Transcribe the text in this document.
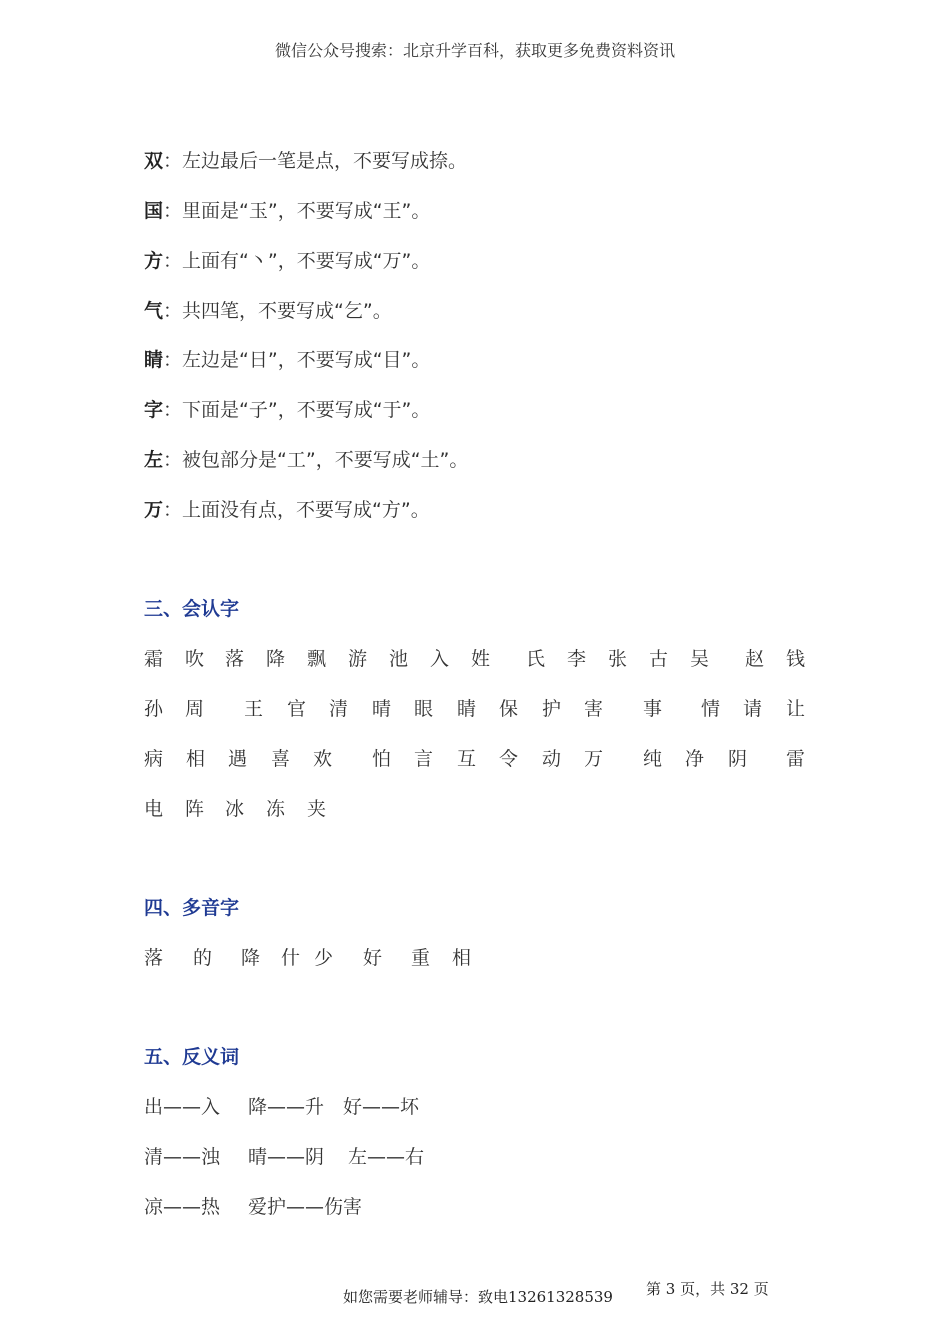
微信公众号搜索：北京升学百科，获取更多免费资料资讯
双：左边最后一笔是点，不要写成捺。
国：里面是“玉”，不要写成“王”。
方：上面有“丶”，不要写成“万”。
气：共四笔，不要写成“乞”。
睛：左边是“日”，不要写成“目”。
字：下面是“子”，不要写成“于”。
左：被包部分是“工”，不要写成“土”。
万：上面没有点，不要写成“方”。
三、会认字
霜 吹 落 降 飘 游 池 入 姓 氏 李 张 古 吴 赵 钱
孙 周 王 官 清 晴 眼 睛 保 护 害 事 情 请 让
病 相 遇 喜 欢 怕 言 互 令 动 万 纯 净 阴 雷
电 阵 冰 冻 夹
四、多音字
落 的 降 什 少 好 重 相
五、反义词
出——入 降——升 好——坏
清——浊 晴——阴 左——右
凉——热 爱护——伤害
如您需要老师辅导：致电13261328539 第 3 页，共 32 页
